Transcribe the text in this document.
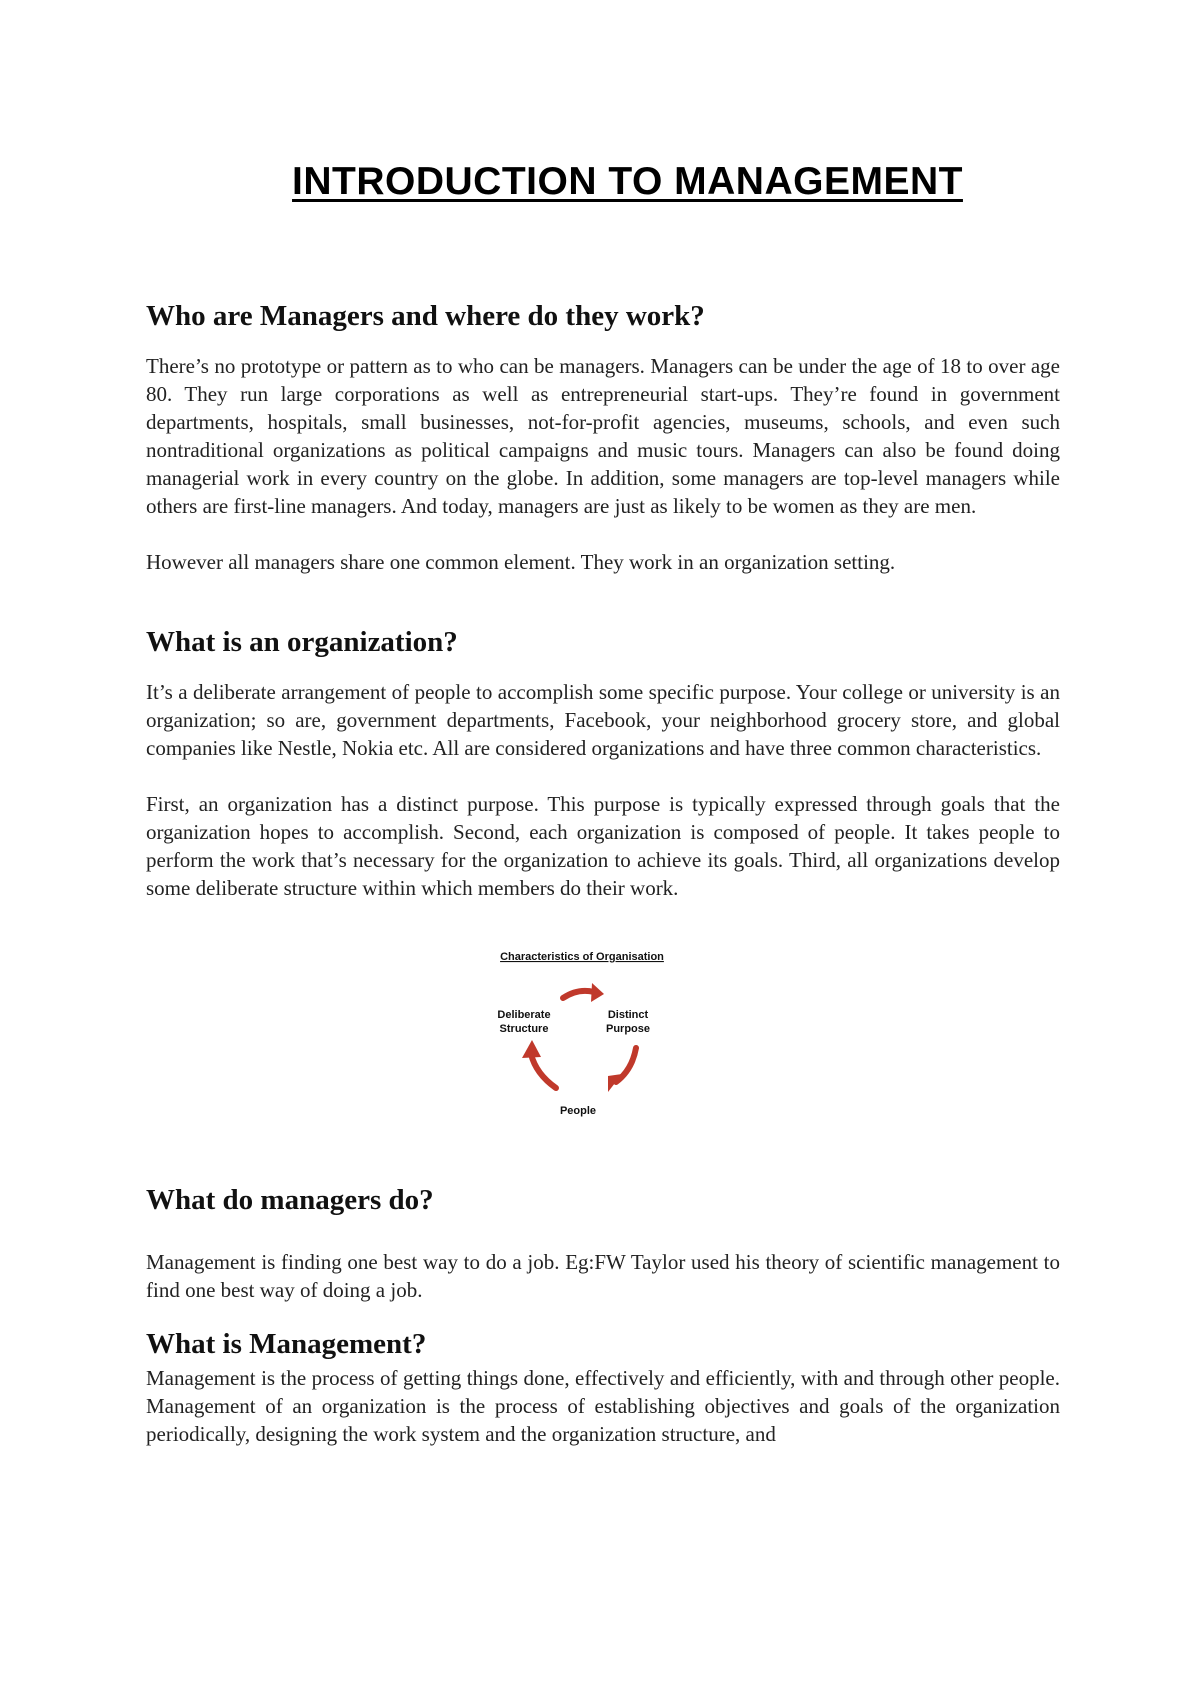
INTRODUCTION TO MANAGEMENT
Who are Managers and where do they work?

There’s no prototype or pattern as to who can be managers. Managers can be under the age of 18 to over age 80. They run large corporations as well as entrepreneurial start-ups. They’re found in government departments, hospitals, small businesses, not-for-profit agencies, museums, schools, and even such nontraditional organizations as political campaigns and music tours. Managers can also be found doing managerial work in every country on the globe. In addition, some managers are top-level managers while others are first-line managers. And today, managers are just as likely to be women as they are men.

However all managers share one common element. They work in an organization setting.

What is an organization?

It’s a deliberate arrangement of people to accomplish some specific purpose. Your college or university is an organization; so are, government departments, Facebook, your neighborhood grocery store, and global companies like Nestle, Nokia etc. All are considered organizations and have three common characteristics.

First, an organization has a distinct purpose. This purpose is typically expressed through goals that the organization hopes to accomplish. Second, each organization is composed of people. It takes people to perform the work that’s necessary for the organization to achieve its goals. Third, all organizations develop some deliberate structure within which members do their work.

Characteristics of Organisation
Deliberate
Structure
Distinct
Purpose
People
What do managers do?

Management is finding one best way to do a job. Eg:FW Taylor used his theory of scientific management to find one best way of doing a job.

What is Management?

Management is the process of getting things done, effectively and efficiently, with and through other people. Management of an organization is the process of establishing objectives and goals of the organization periodically, designing the work system and the organization structure, and
